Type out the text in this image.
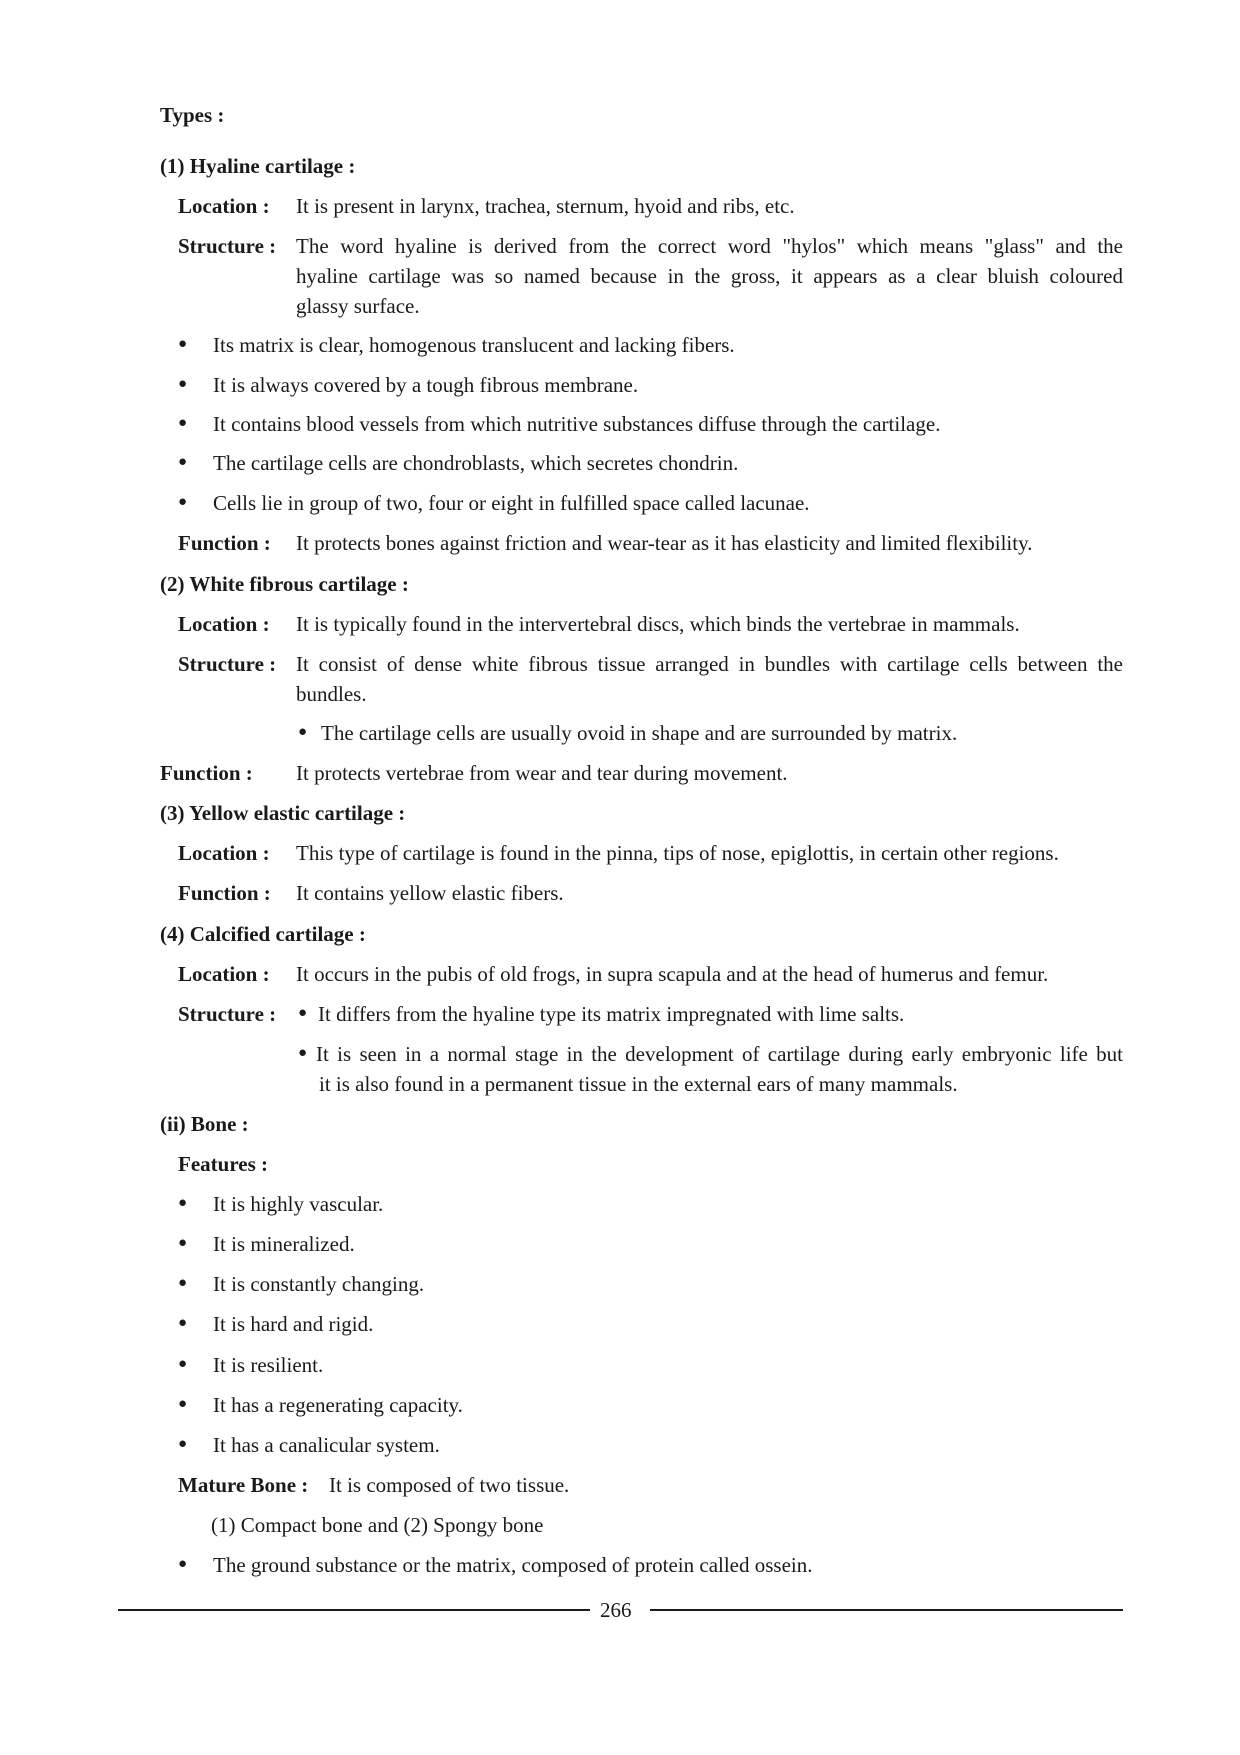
Types :
(1) Hyaline cartilage :
Location : It is present in larynx, trachea, sternum, hyoid and ribs, etc.
Structure : The word hyaline is derived from the correct word "hylos" which means "glass" and the
hyaline cartilage was so named because in the gross, it appears as a clear bluish coloured
glassy surface.
● Its matrix is clear, homogenous translucent and lacking fibers.
● It is always covered by a tough fibrous membrane.
● It contains blood vessels from which nutritive substances diffuse through the cartilage.
● The cartilage cells are chondroblasts, which secretes chondrin.
● Cells lie in group of two, four or eight in fulfilled space called lacunae.
Function : It protects bones against friction and wear-tear as it has elasticity and limited flexibility.
(2) White fibrous cartilage :
Location : It is typically found in the intervertebral discs, which binds the vertebrae in mammals.
Structure : It consist of dense white fibrous tissue arranged in bundles with cartilage cells between the
bundles.
● The cartilage cells are usually ovoid in shape and are surrounded by matrix.
Function : It protects vertebrae from wear and tear during movement.
(3) Yellow elastic cartilage :
Location : This type of cartilage is found in the pinna, tips of nose, epiglottis, in certain other regions.
Function : It contains yellow elastic fibers.
(4) Calcified cartilage :
Location : It occurs in the pubis of old frogs, in supra scapula and at the head of humerus and femur.
Structure : ● It differs from the hyaline type its matrix impregnated with lime salts.
● It is seen in a normal stage in the development of cartilage during early embryonic life but
it is also found in a permanent tissue in the external ears of many mammals.
(ii) Bone :
Features :
● It is highly vascular.
● It is mineralized.
● It is constantly changing.
● It is hard and rigid.
● It is resilient.
● It has a regenerating capacity.
● It has a canalicular system.
Mature Bone : It is composed of two tissue.
(1) Compact bone and (2) Spongy bone
● The ground substance or the matrix, composed of protein called ossein.
266
